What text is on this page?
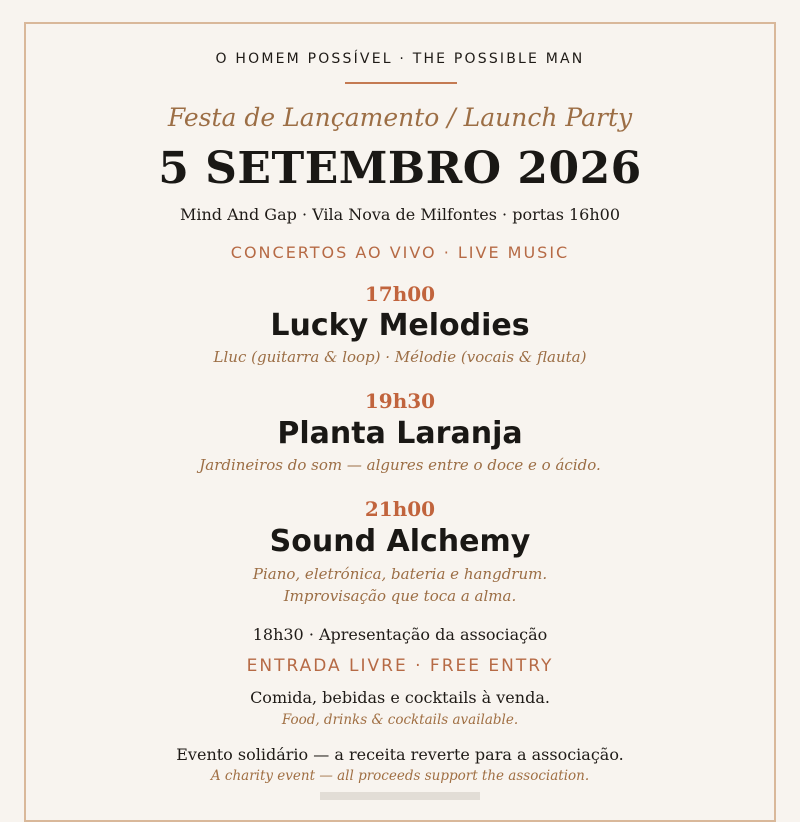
O HOMEM POSSÍVEL · THE POSSIBLE MAN
Festa de Lançamento / Launch Party
5 SETEMBRO 2026
Mind And Gap · Vila Nova de Milfontes · portas 16h00
CONCERTOS AO VIVO · LIVE MUSIC
17h00
Lucky Melodies
Lluc (guitarra & loop) · Mélodie (vocais & flauta)
19h30
Planta Laranja
Jardineiros do som — algures entre o doce e o ácido.
21h00
Sound Alchemy
Piano, eletrónica, bateria e hangdrum.
Improvisação que toca a alma.
18h30 · Apresentação da associação
ENTRADA LIVRE · FREE ENTRY
Comida, bebidas e cocktails à venda.
Food, drinks & cocktails available.
Evento solidário — a receita reverte para a associação.
A charity event — all proceeds support the association.
